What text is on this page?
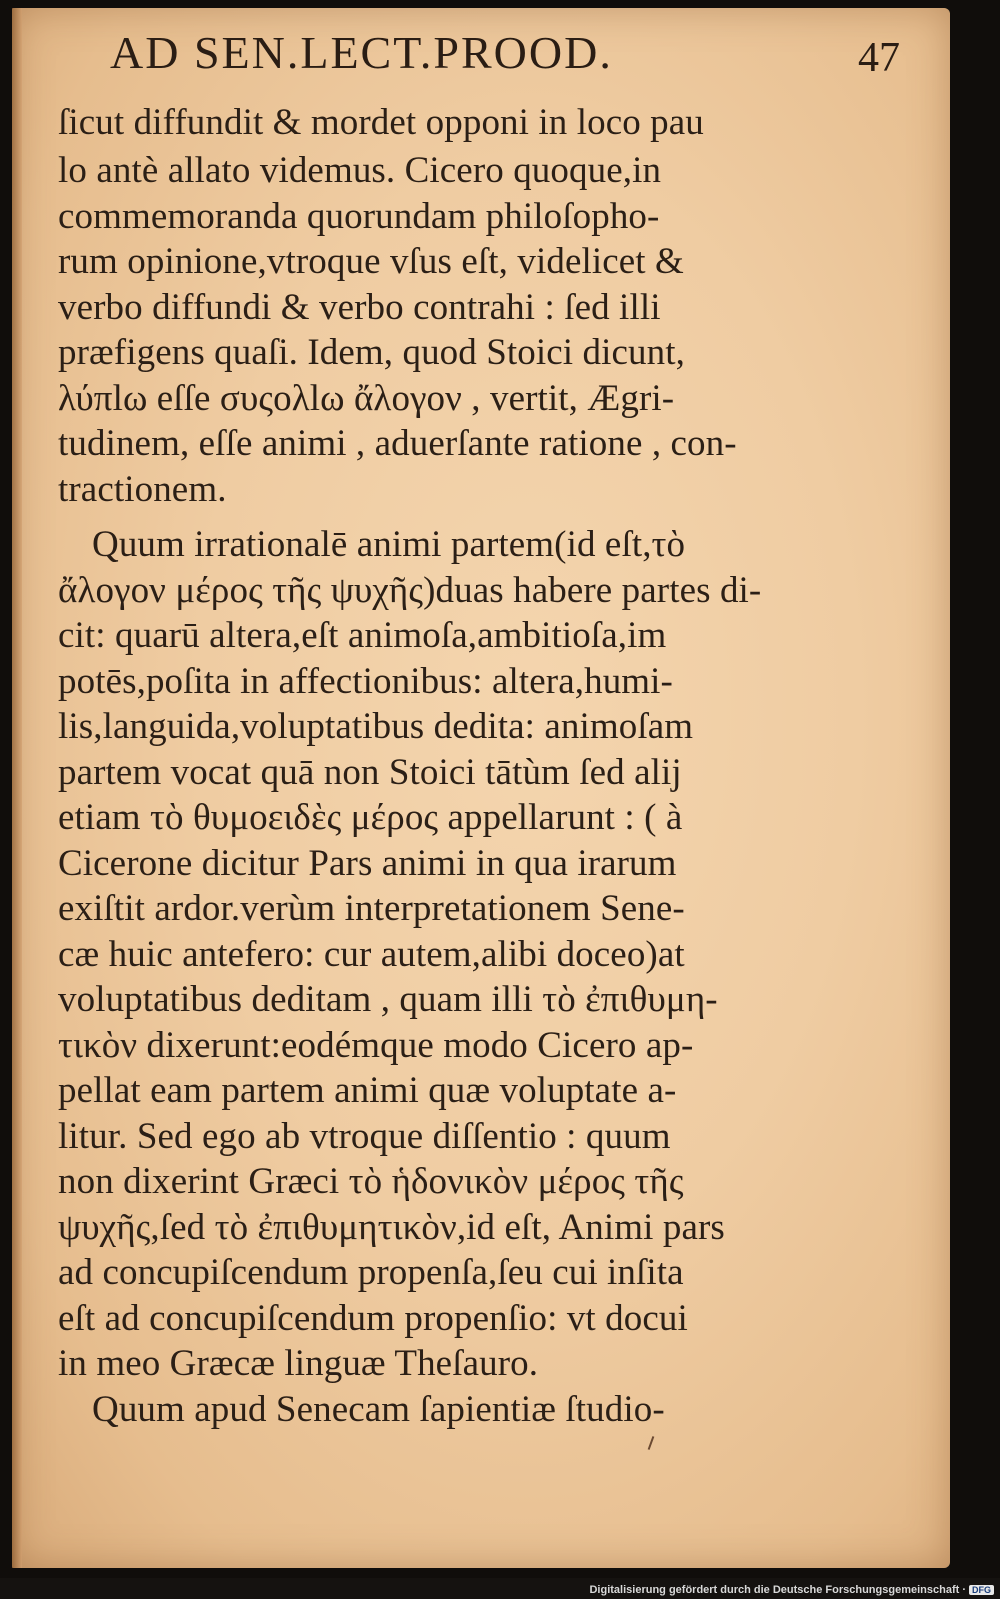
AD SEN.LECT.PROOD.	47
ſicut diffundit & mordet opponi in loco pau
lo antè allato videmus. Cicero quoque,in
commemoranda quorundam philoſopho-
rum opinione,vtroque vſus eſt, videlicet &
verbo diffundi & verbo contrahi : ſed illi
præfigens quaſi. Idem, quod Stoici dicunt,
λύπlω eſſe συςολlω ἄλογον , vertit, Ægri-
tudinem, eſſe animi , aduerſante ratione , con-
tractionem.
Quum irrationalē animi partem(id eſt,τὸ
ἄλογον μέρος τῆς ψυχῆς)duas habere partes di-
cit: quarū altera,eſt animoſa,ambitioſa,im
potēs,poſita in affectionibus: altera,humi-
lis,languida,voluptatibus dedita: animoſam
partem vocat quā non Stoici tātùm ſed alij
etiam τὸ θυμοειδὲς μέρος appellarunt : ( à
Cicerone dicitur Pars animi in qua irarum
exiſtit ardor.verùm interpretationem Sene-
cæ huic antefero: cur autem,alibi doceo)at
voluptatibus deditam , quam illi τὸ ἐπιθυμη-
τικὸν dixerunt:eodémque modo Cicero ap-
pellat eam partem animi quæ voluptate a-
litur. Sed ego ab vtroque diſſentio : quum
non dixerint Græci τὸ ἡδονικὸν μέρος τῆς
ψυχῆς,ſed τὸ ἐπιθυμητικὸν,id eſt, Animi pars
ad concupiſcendum propenſa,ſeu cui inſita
eſt ad concupiſcendum propenſio: vt docui
in meo Græcæ linguæ Theſauro.
Quum apud Senecam ſapientiæ ſtudio-
Digitalisierung gefördert durch die Deutsche Forschungsgemeinschaft · DFG
